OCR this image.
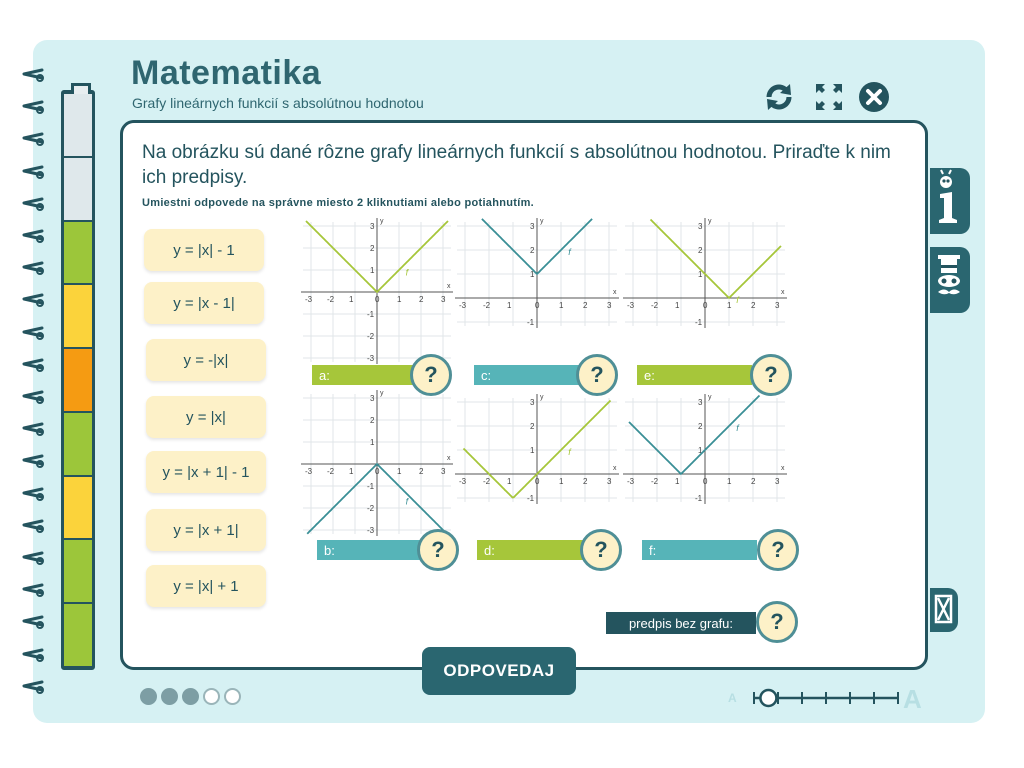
Matematika
Grafy lineárnych funkcií s absolútnou hodnotou
Na obrázku sú dané rôzne grafy lineárnych funkcií s absolútnou hodnotou. Priraďte k nim ich predpisy.
Umiestni odpovede na správne miesto 2 kliknutiami alebo potiahnutím.
y = |x| - 1
y = |x - 1|
y = -|x|
y = |x|
y = |x + 1| - 1
y = |x + 1|
y = |x| + 1
x
y
-3 -2 1	0 1 2 3
3
2
1
-1
-2
-3
f
x
y
-3 -2 1	0 1 2 3
3
2
1
-1
-2
-3
f
x
y
-3 -2 1	0 1 2 3
3
2
1
-1
f
x
y
-3 -2 1	0 1 2 3
3
2
1
-1
f
x
y
-3 -2 1	0 1 2 3
3
2
1
-1
f
x
y
-3 -2 1	0 1 2 3
3
2
1
-1
f
a:	?	c:	?	e:	?
b:	?	d:	?	f:	?
predpis bez grafu:	?
ODPOVEDAJ
A	A
